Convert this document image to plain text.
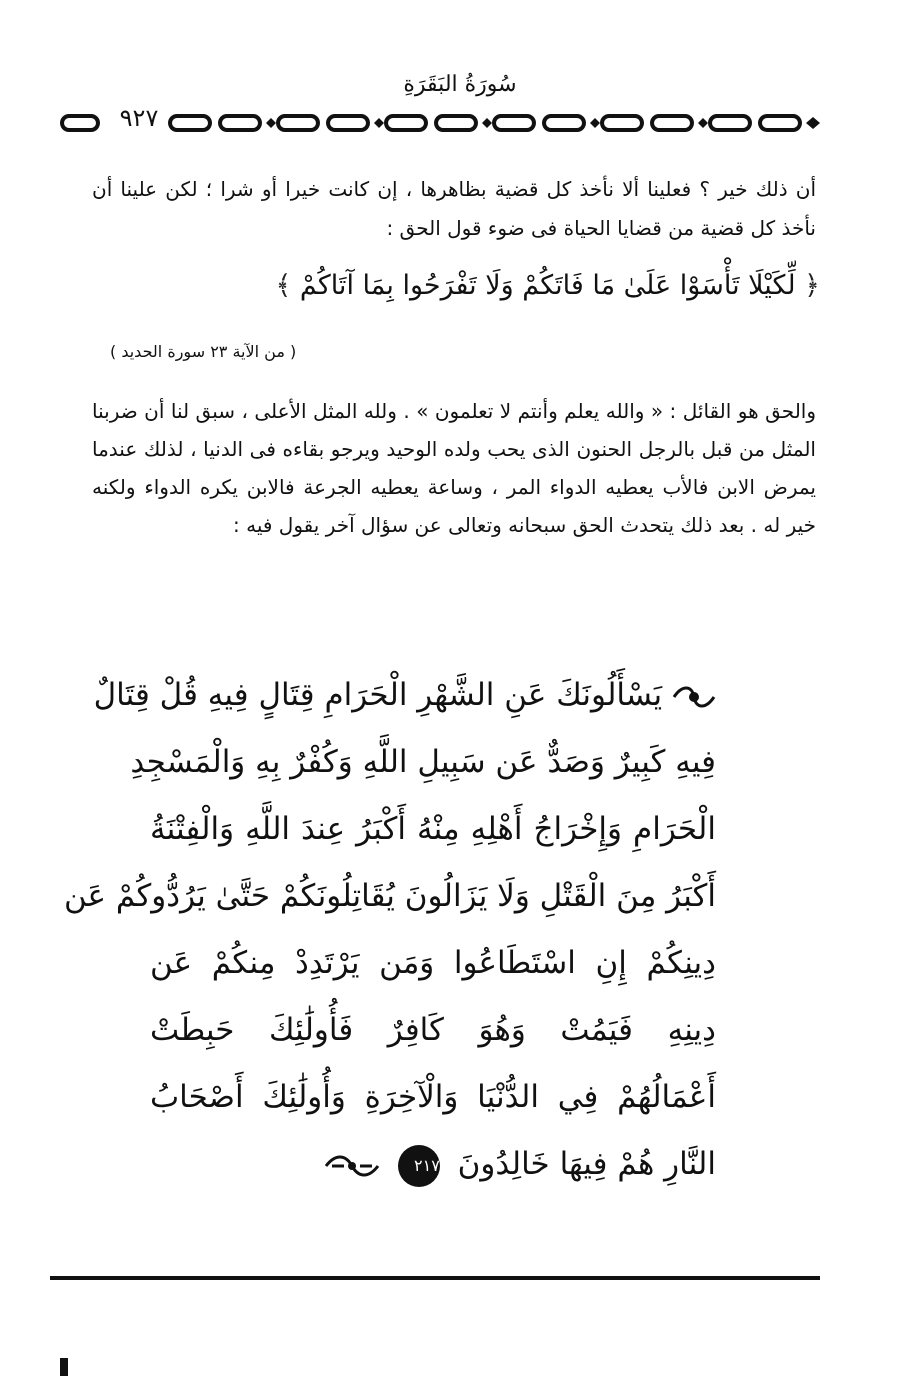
سُورَةُ البَقَرَةِ
٩٢٧
أن ذلك خير ؟ فعلينا ألا نأخذ كل قضية بظاهرها ، إن كانت خيرا أو شرا ؛ لكن علينا أن نأخذ كل قضية من قضايا الحياة فى ضوء قول الحق :
﴿ لِّكَيْلَا تَأْسَوْا عَلَىٰ مَا فَاتَكُمْ وَلَا تَفْرَحُوا بِمَا آتَاكُمْ ﴾
( من الآية ٢٣ سورة الحديد )
والحق هو القائل : « والله يعلم وأنتم لا تعلمون » . ولله المثل الأعلى ، سبق لنا أن ضربنا المثل من قبل بالرجل الحنون الذى يحب ولده الوحيد ويرجو بقاءه فى الدنيا ، لذلك عندما يمرض الابن فالأب يعطيه الدواء المر ، وساعة يعطيه الجرعة فالابن يكره الدواء ولكنه خير له . بعد ذلك يتحدث الحق سبحانه وتعالى عن سؤال آخر يقول فيه :
يَسْأَلُونَكَ عَنِ الشَّهْرِ الْحَرَامِ قِتَالٍ فِيهِ قُلْ قِتَالٌ
فِيهِ كَبِيرٌ وَصَدٌّ عَن سَبِيلِ اللَّهِ وَكُفْرٌ بِهِ وَالْمَسْجِدِ
الْحَرَامِ وَإِخْرَاجُ أَهْلِهِ مِنْهُ أَكْبَرُ عِندَ اللَّهِ وَالْفِتْنَةُ
أَكْبَرُ مِنَ الْقَتْلِ وَلَا يَزَالُونَ يُقَاتِلُونَكُمْ حَتَّىٰ يَرُدُّوكُمْ عَن
دِينِكُمْ إِنِ اسْتَطَاعُوا وَمَن يَرْتَدِدْ مِنكُمْ عَن
دِينِهِ فَيَمُتْ وَهُوَ كَافِرٌ فَأُولَٰئِكَ حَبِطَتْ
أَعْمَالُهُمْ فِي الدُّنْيَا وَالْآخِرَةِ وَأُولَٰئِكَ أَصْحَابُ
النَّارِ هُمْ فِيهَا خَالِدُونَ ٢١٧
